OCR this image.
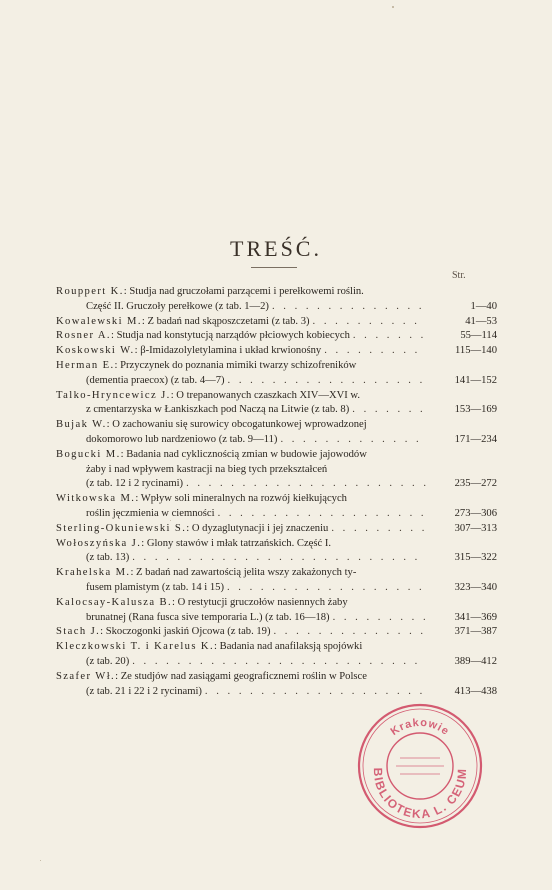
TREŚĆ.
Str.
Rouppert K. : Studja nad gruczołami parzącemi i perełkowemi roślin.
Część II. Gruczoły perełkowe (z tab. 1—2) . . .	1—40
Kowalewski M. : Z badań nad skąposzczetami (z tab. 3) . . .	41—53
Rosner A. : Studja nad konstytucją narządów płciowych kobiecych . . .	55—114
Koskowski W. : β-Imidazolyletylamina i układ krwionośny . . .	115—140
Herman E. : Przyczynek do poznania mimiki twarzy schizofreników
(dementia praecox) (z tab. 4—7) . . .	141—152
Talko-Hryncewicz J. : O trepanowanych czaszkach XIV—XVI w.
z cmentarzyska w Łankiszkach pod Naczą na Litwie (z tab. 8) . . .	153—169
Bujak W. : O zachowaniu się surowicy obcogatunkowej wprowadzonej
dokomorowo lub nardzeniowo (z tab. 9—11) . . .	171—234
Bogucki M. : Badania nad cyklicznością zmian w budowie jajowodów
żaby i nad wpływem kastracji na bieg tych przekształceń
(z tab. 12 i 2 rycinami) . . .	235—272
Witkowska M. : Wpływ soli mineralnych na rozwój kiełkujących
roślin jęczmienia w ciemności . . .	273—306
Sterling-Okuniewski S. : O dyzaglutynacji i jej znaczeniu . . .	307—313
Wołoszyńska J. : Glony stawów i młak tatrzańskich. Część I.
(z tab. 13) . . .	315—322
Krahelska M. : Z badań nad zawartością jelita wszy zakażonych ty-
fusem plamistym (z tab. 14 i 15) . . .	323—340
Kalocsay-Kalusza B. : O restytucji gruczołów nasiennych żaby
brunatnej (Rana fusca sive temporaria L.) (z tab. 16—18) . . .	341—369
Stach J. : Skoczogonki jaskiń Ojcowa (z tab. 19) . . .	371—387
Kleczkowski T. i Karelus K. : Badania nad anafilaksją spojówki
(z tab. 20) . . .	389—412
Szafer Wł. : Ze studjów nad zasiągami geograficznemi roślin w Polsce
(z tab. 21 i 22 i 2 rycinami) . . .	413—438
Krakowie
BIBLIOTEKA L. CEUM
